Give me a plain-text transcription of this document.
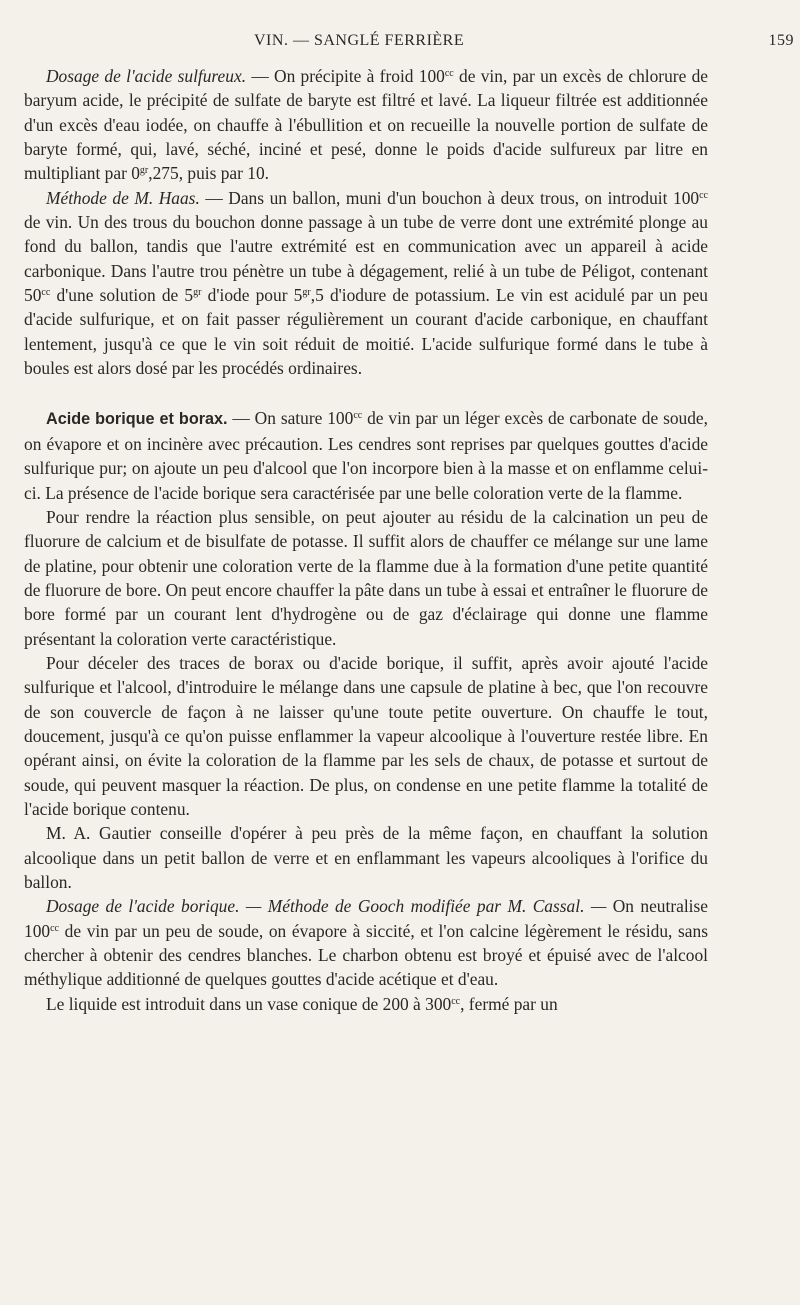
VIN. — SANGLÉ FERRIÈRE	159

Dosage de l'acide sulfureux. — On précipite à froid $100^{cc}$ de vin, par un excès de chlorure de baryum acide, le précipité de sulfate de baryte est filtré et lavé. La liqueur filtrée est additionnée d'un excès d'eau iodée, on chauffe à l'ébullition et on recueille la nouvelle portion de sulfate de baryte formé, qui, lavé, séché, inciné et pesé, donne le poids d'acide sulfureux par litre en multipliant par $0^{gr},275$, puis par 10.

Méthode de M. Haas. — Dans un ballon, muni d'un bouchon à deux trous, on introduit $100^{cc}$ de vin. Un des trous du bouchon donne passage à un tube de verre dont une extrémité plonge au fond du ballon, tandis que l'autre extrémité est en communication avec un appareil à acide carbonique. Dans l'autre trou pénètre un tube à dégagement, relié à un tube de Péligot, contenant $50^{cc}$ d'une solution de $5^{gr}$ d'iode pour $5^{gr},5$ d'iodure de potassium. Le vin est acidulé par un peu d'acide sulfurique, et on fait passer régulièrement un courant d'acide carbonique, en chauffant lentement, jusqu'à ce que le vin soit réduit de moitié. L'acide sulfurique formé dans le tube à boules est alors dosé par les procédés ordinaires.

Acide borique et borax. — On sature $100^{cc}$ de vin par un léger excès de carbonate de soude, on évapore et on incinère avec précaution. Les cendres sont reprises par quelques gouttes d'acide sulfurique pur; on ajoute un peu d'alcool que l'on incorpore bien à la masse et on enflamme celui-ci. La présence de l'acide borique sera caractérisée par une belle coloration verte de la flamme.

Pour rendre la réaction plus sensible, on peut ajouter au résidu de la calcination un peu de fluorure de calcium et de bisulfate de potasse. Il suffit alors de chauffer ce mélange sur une lame de platine, pour obtenir une coloration verte de la flamme due à la formation d'une petite quantité de fluorure de bore. On peut encore chauffer la pâte dans un tube à essai et entraîner le fluorure de bore formé par un courant lent d'hydrogène ou de gaz d'éclairage qui donne une flamme présentant la coloration verte caractéristique.

Pour déceler des traces de borax ou d'acide borique, il suffit, après avoir ajouté l'acide sulfurique et l'alcool, d'introduire le mélange dans une capsule de platine à bec, que l'on recouvre de son couvercle de façon à ne laisser qu'une toute petite ouverture. On chauffe le tout, doucement, jusqu'à ce qu'on puisse enflammer la vapeur alcoolique à l'ouverture restée libre. En opérant ainsi, on évite la coloration de la flamme par les sels de chaux, de potasse et surtout de soude, qui peuvent masquer la réaction. De plus, on condense en une petite flamme la totalité de l'acide borique contenu.

M. A. Gautier conseille d'opérer à peu près de la même façon, en chauffant la solution alcoolique dans un petit ballon de verre et en enflammant les vapeurs alcooliques à l'orifice du ballon.

Dosage de l'acide borique. — Méthode de Gooch modifiée par M. Cassal. — On neutralise $100^{cc}$ de vin par un peu de soude, on évapore à siccité, et l'on calcine légèrement le résidu, sans chercher à obtenir des cendres blanches. Le charbon obtenu est broyé et épuisé avec de l'alcool méthylique additionné de quelques gouttes d'acide acétique et d'eau.

Le liquide est introduit dans un vase conique de 200 à $300^{cc}$, fermé par un
